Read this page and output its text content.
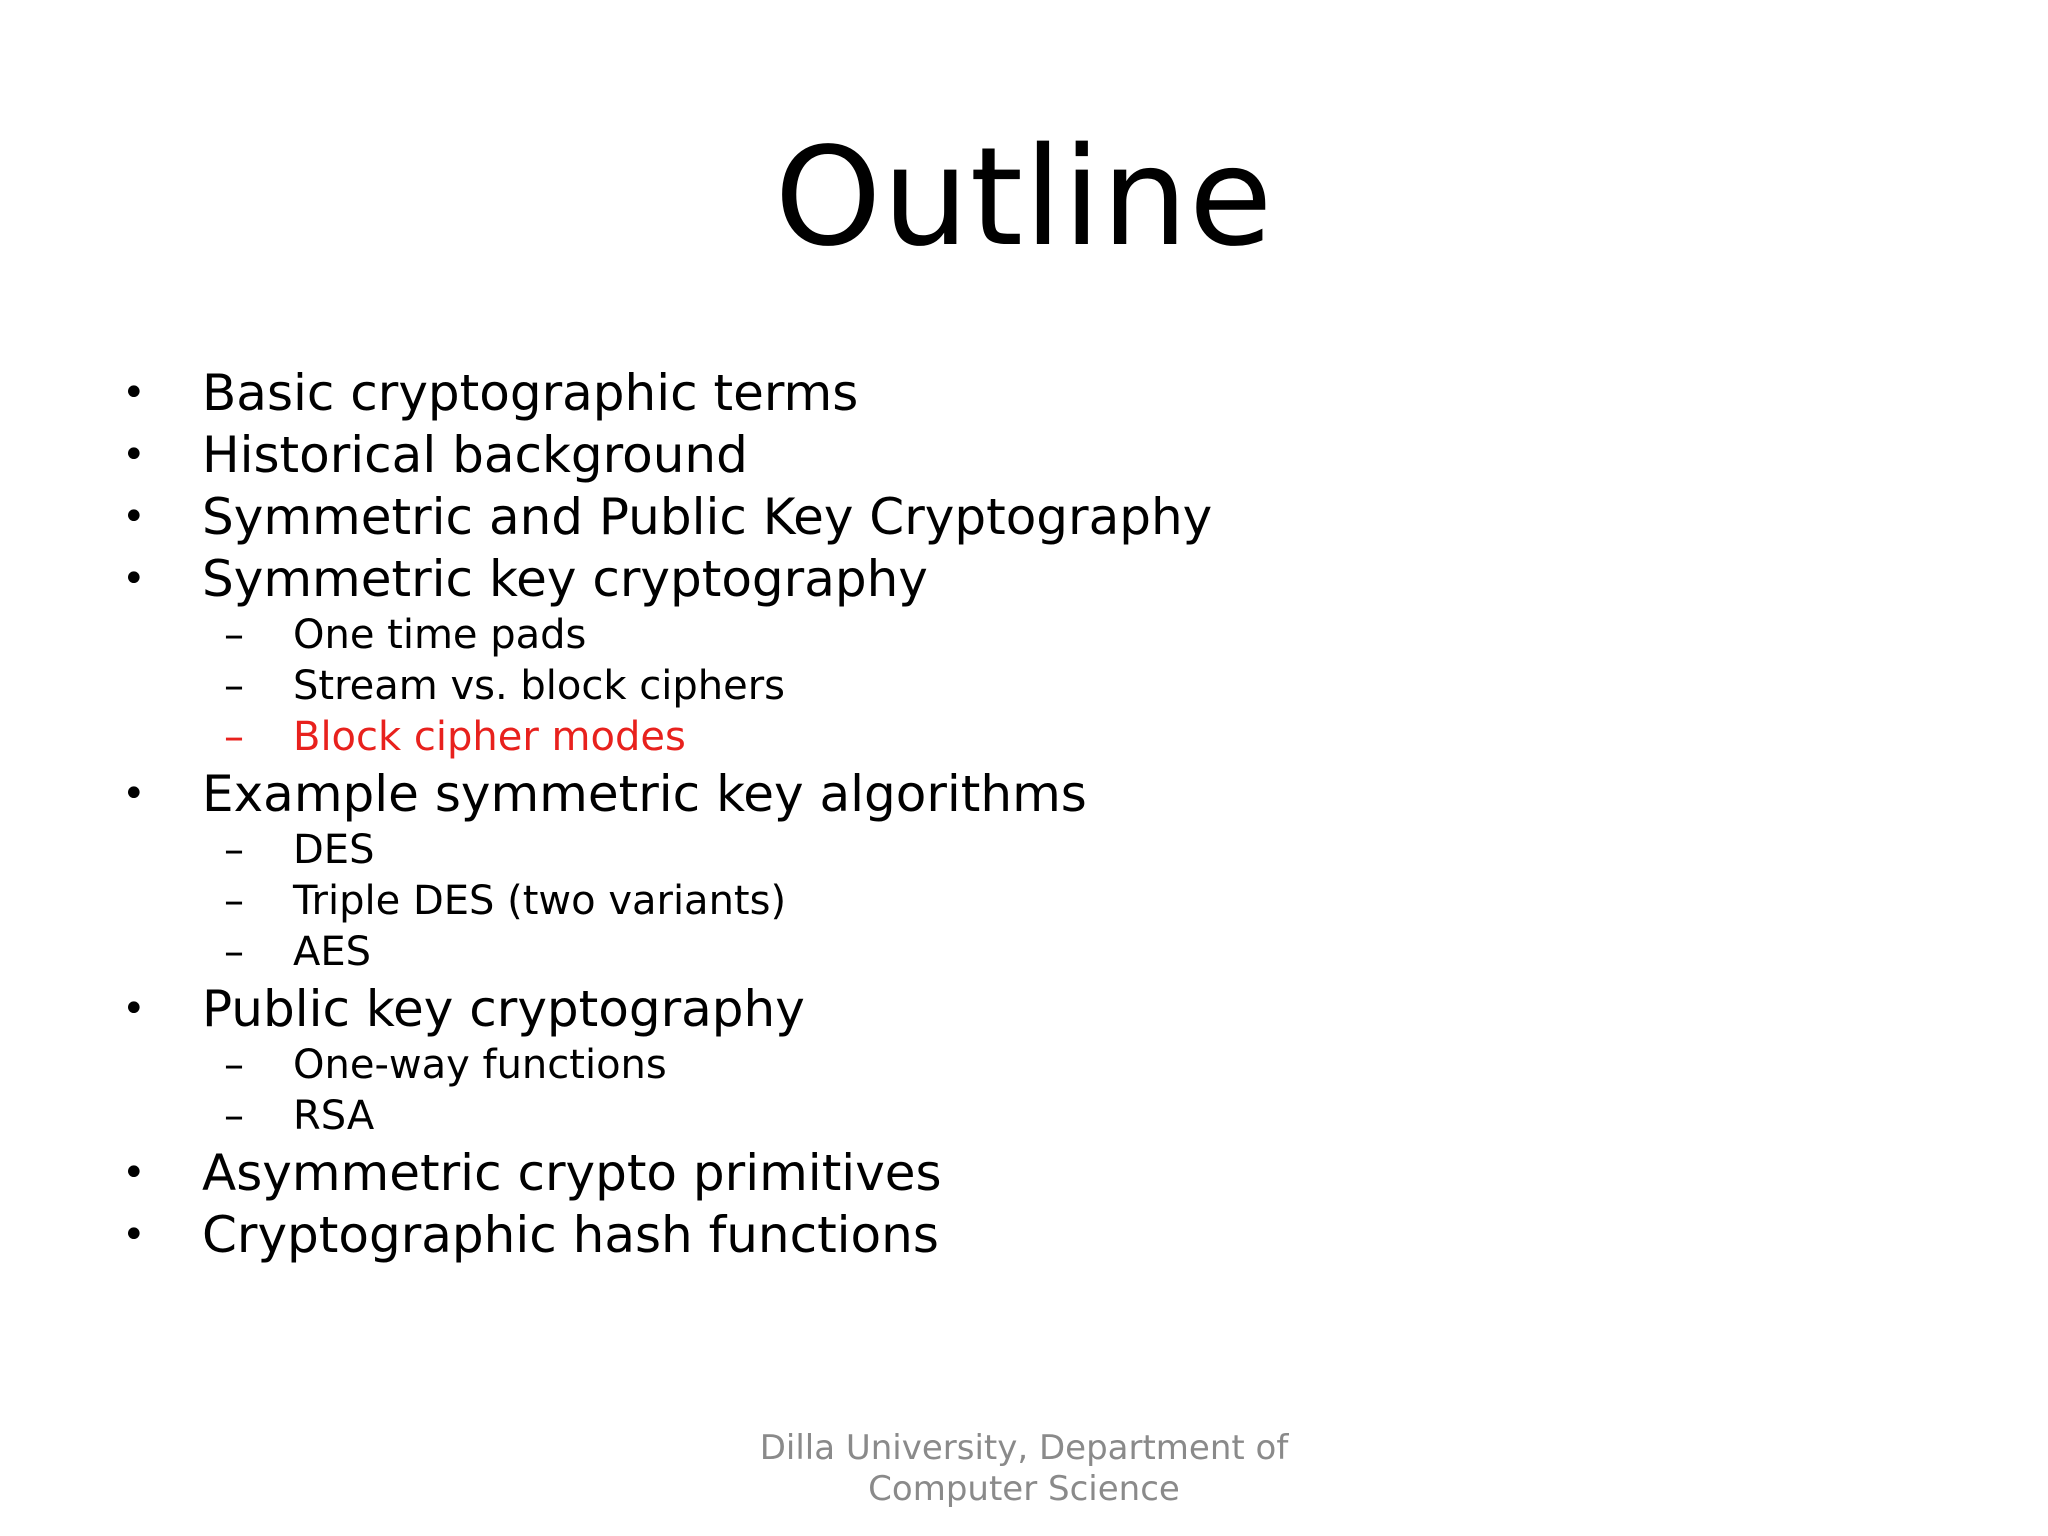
Outline
• Basic cryptographic terms
• Historical background
• Symmetric and Public Key Cryptography
• Symmetric key cryptography
– One time pads
– Stream vs. block ciphers
– Block cipher modes
• Example symmetric key algorithms
– DES
– Triple DES (two variants)
– AES
• Public key cryptography
– One-way functions
– RSA
• Asymmetric crypto primitives
• Cryptographic hash functions
Dilla University, Department of
Computer Science
